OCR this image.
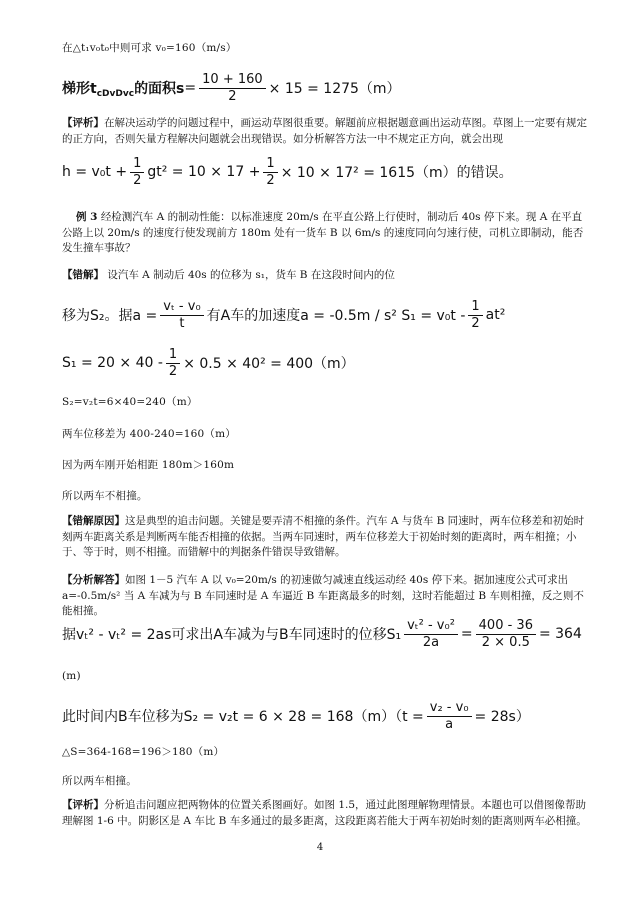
在△t₁v₀t₀中则可求 v₀=160（m/s）
梯形t cDvDvc 的面积$s = \frac{10 + 160}{2} \times 15 = 1275(m)$
【评析】在解决运动学的问题过程中，画运动草图很重要。解题前应根据题意画出运动草图。草图上一定要有规定的正方向，否则矢量方程解决问题就会出现错误。如分析解答方法一中不规定正方向，就会出现
$h = v_0t + \frac{1}{2} gt^2 = 10 \times 17 + \frac{1}{2} \times 10 \times 17^2 = 1615(m)$的错误。
例 3 经检测汽车 A 的制动性能：以标准速度 20m/s 在平直公路上行使时，制动后 40s 停下来。现 A 在平直公路上以 20m/s 的速度行使发现前方 180m 处有一货车 B 以 6m/s 的速度同向匀速行使，司机立即制动，能否发生撞车事故？
【错解】 设汽车 A 制动后 40s 的位移为 s₁，货车 B 在这段时间内的位
移为S₂。据$a = \frac{\text{vₜ - v₀}}{t}$ 有A车的加速度a = -0.5m / s² $S_1 = v_0t - \frac{1}{2} at^2$
$S_1 = 20 \times 40 - \frac{1}{2} \times 0.5 \times 40^2 = 400(m)$
S₂=v₂t=6×40=240（m）
两车位移差为 400-240=160（m）
因为两车刚开始相距 180m＞160m
所以两车不相撞。
【错解原因】这是典型的追击问题。关键是要弄清不相撞的条件。汽车 A 与货车 B 同速时，两车位移差和初始时刻两车距离关系是判断两车能否相撞的依据。当两车同速时，两车位移差大于初始时刻的距离时，两车相撞；小于、等于时，则不相撞。而错解中的判据条件错误导致错解。
【分析解答】如图 1－5 汽车 A 以 v₀=20m/s 的初速做匀减速直线运动经 40s 停下来。据加速度公式可求出 a=-0.5m/s² 当 A 车减为与 B 车同速时是 A 车逼近 B 车距离最多的时刻，这时若能超过 B 车则相撞，反之则不能相撞。
据vₜ² - vₜ² = 2as可求出A车减为与B车同速时的位移$S_1 \frac{\text{vₜ² - v₀²}}{2a} = \frac{400 - 36}{2 \times 0.5} = 364$
(m)
此时间内B车位移为$S_2 = v_2t = 6 \times 28 = 168(m)(t = \frac{\text{v₂ - v₀}}{a} = 28s)$
△S=364-168=196＞180（m）
所以两车相撞。
【评析】分析追击问题应把两物体的位置关系图画好。如图 1.5，通过此图理解物理情景。本题也可以借图像帮助理解图 1-6 中。阴影区是 A 车比 B 车多通过的最多距离，这段距离若能大于两车初始时刻的距离则两车必相撞。
4
